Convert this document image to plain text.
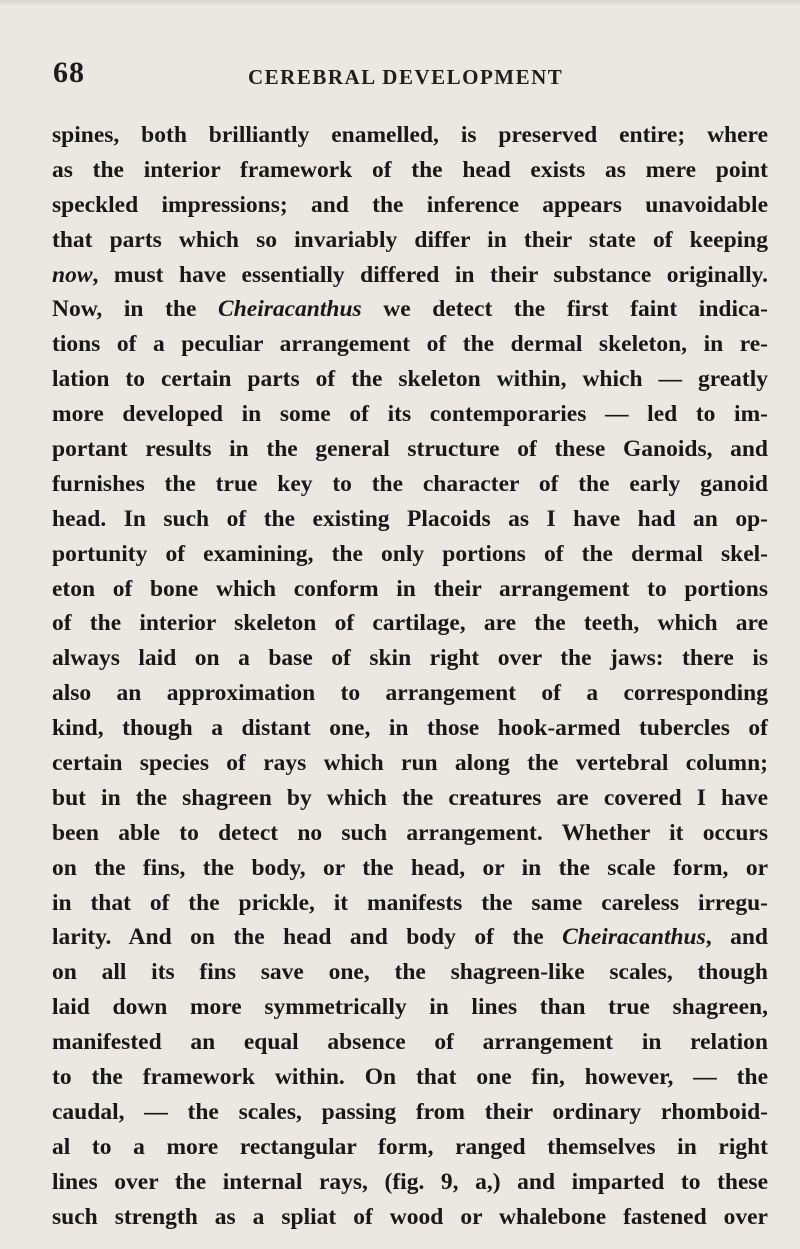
68	CEREBRAL DEVELOPMENT
spines, both brilliantly enamelled, is preserved entire; where
as the interior framework of the head exists as mere point
speckled impressions; and the inference appears unavoidable
that parts which so invariably differ in their state of keeping
now, must have essentially differed in their substance originally.
Now, in the Cheiracanthus we detect the first faint indica-
tions of a peculiar arrangement of the dermal skeleton, in re-
lation to certain parts of the skeleton within, which — greatly
more developed in some of its contemporaries — led to im-
portant results in the general structure of these Ganoids, and
furnishes the true key to the character of the early ganoid
head. In such of the existing Placoids as I have had an op-
portunity of examining, the only portions of the dermal skel-
eton of bone which conform in their arrangement to portions
of the interior skeleton of cartilage, are the teeth, which are
always laid on a base of skin right over the jaws: there is
also an approximation to arrangement of a corresponding
kind, though a distant one, in those hook-armed tubercles of
certain species of rays which run along the vertebral column;
but in the shagreen by which the creatures are covered I have
been able to detect no such arrangement. Whether it occurs
on the fins, the body, or the head, or in the scale form, or
in that of the prickle, it manifests the same careless irregu-
larity. And on the head and body of the Cheiracanthus, and
on all its fins save one, the shagreen-like scales, though
laid down more symmetrically in lines than true shagreen,
manifested an equal absence of arrangement in relation
to the framework within. On that one fin, however, — the
caudal, — the scales, passing from their ordinary rhomboid-
al to a more rectangular form, ranged themselves in right
lines over the internal rays, (fig. 9, a,) and imparted to these
such strength as a spliat of wood or whalebone fastened over
